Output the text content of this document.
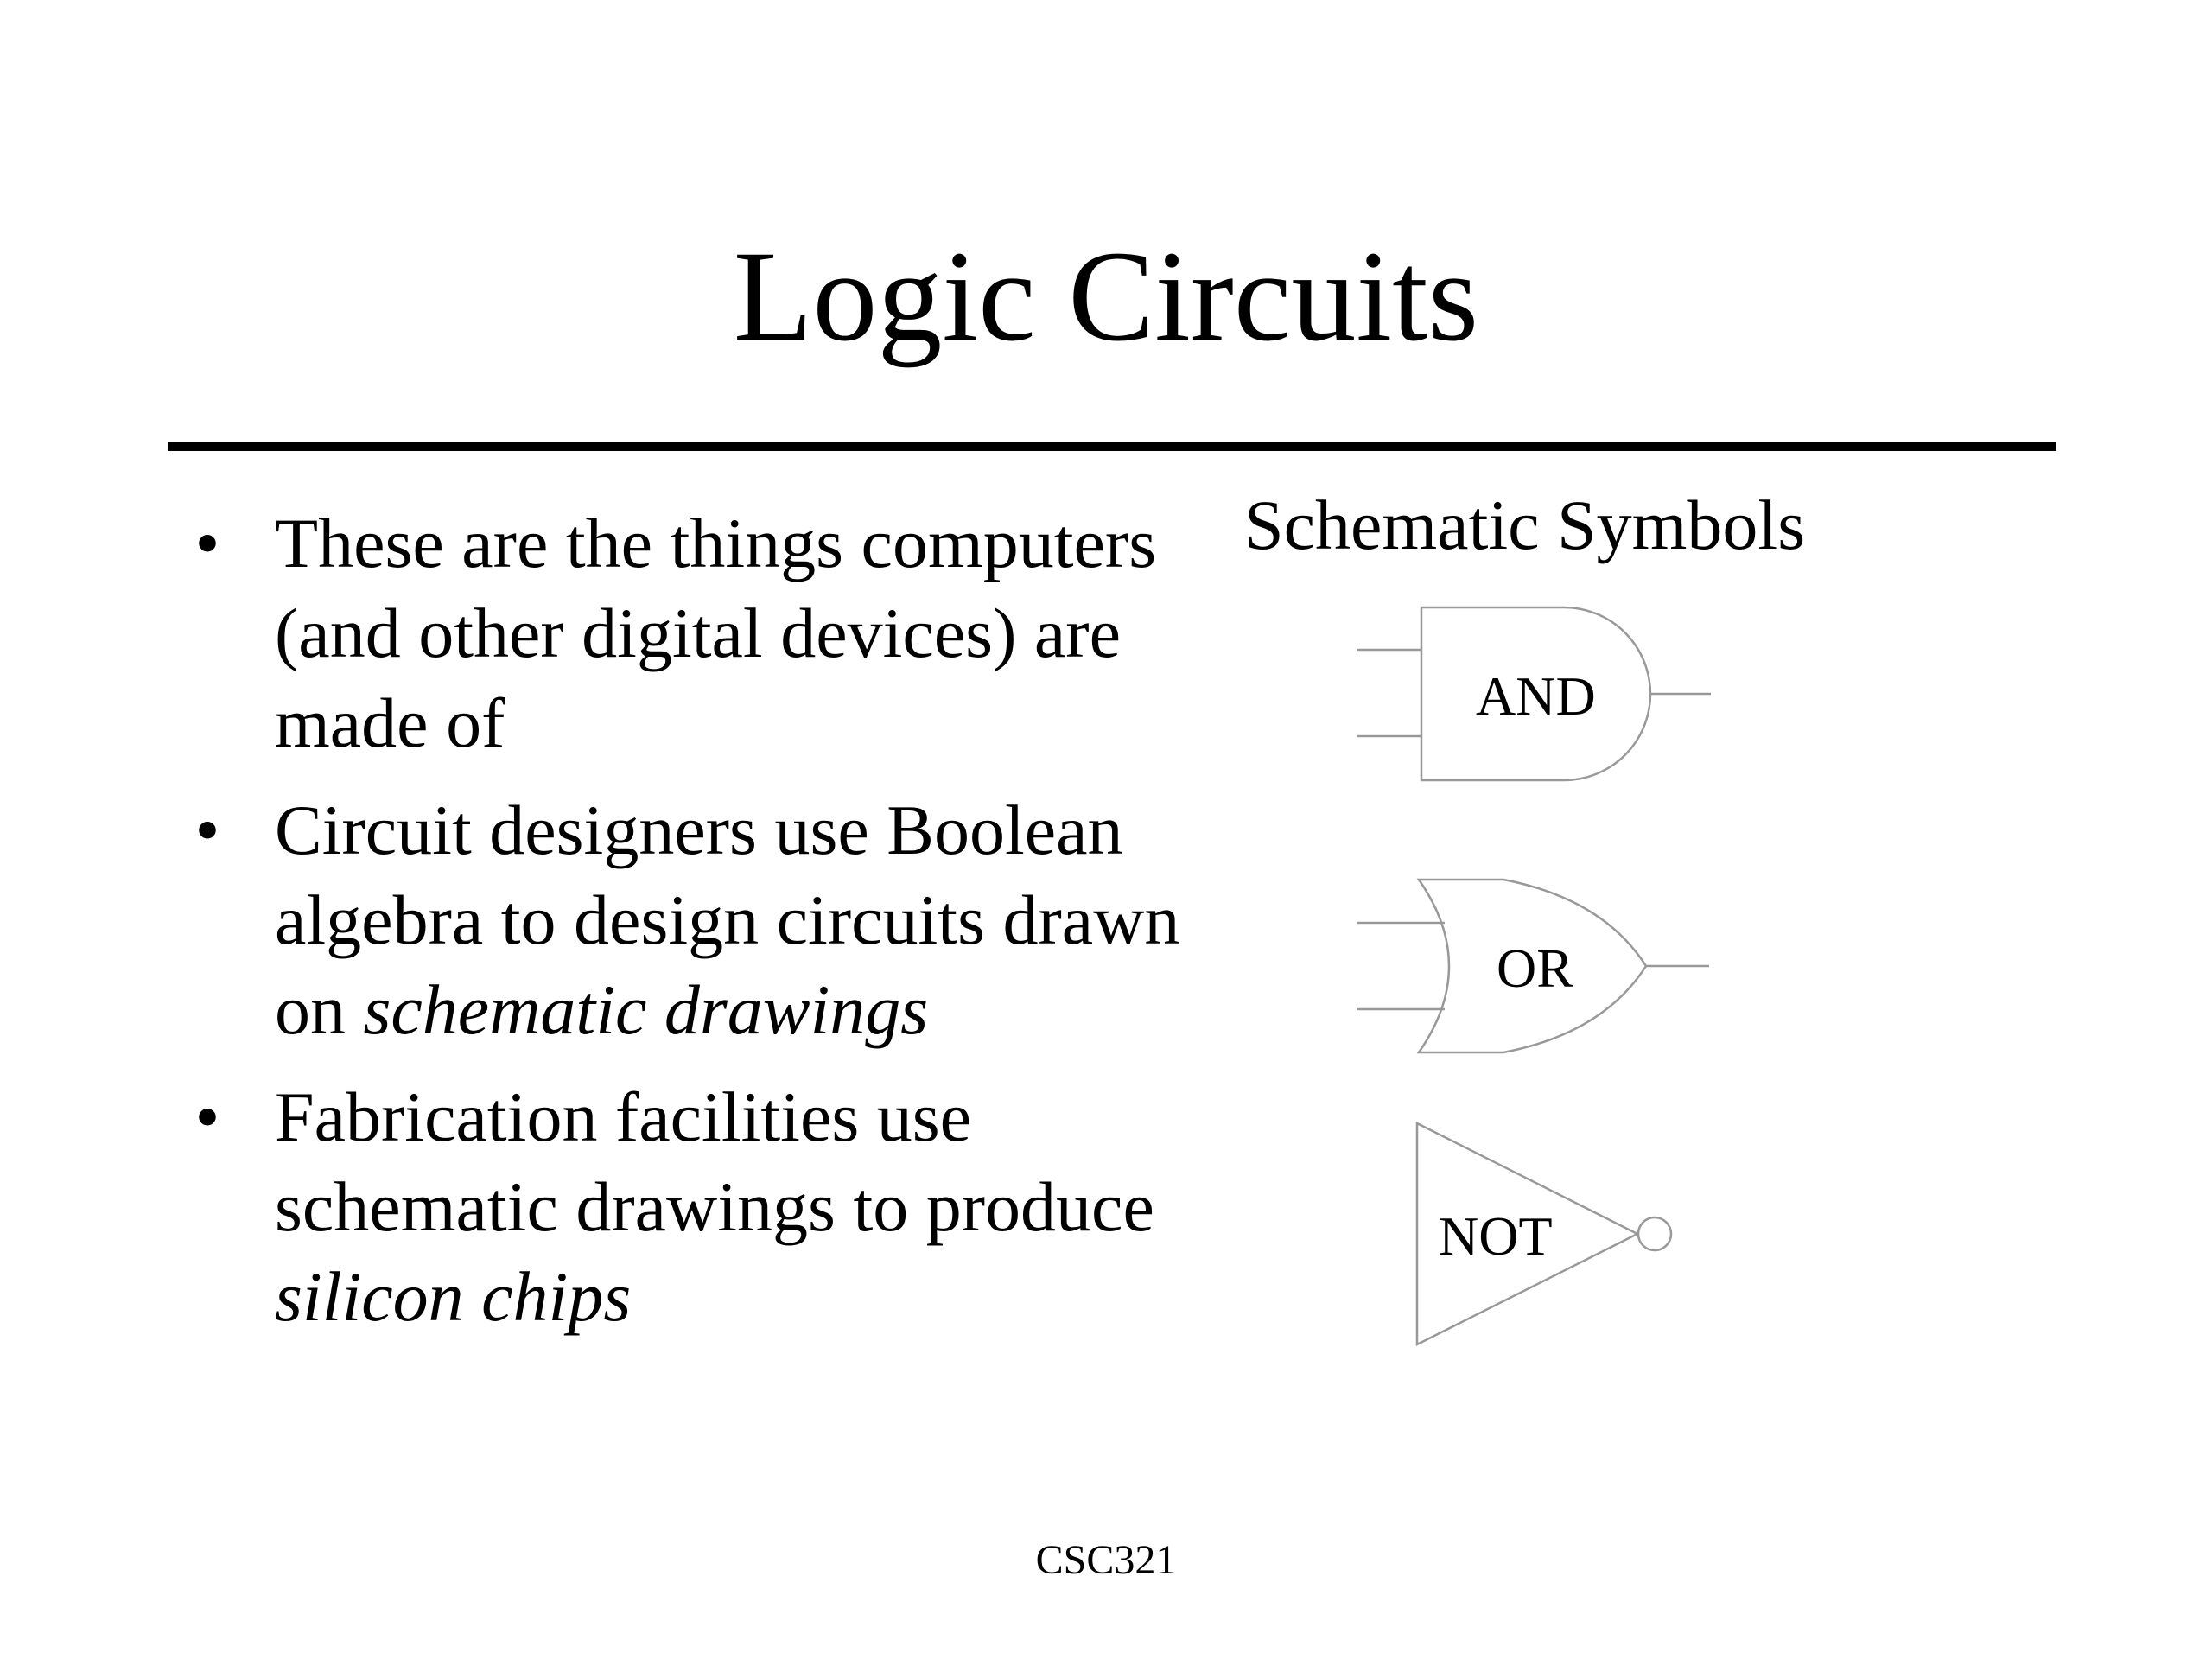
Logic Circuits
• These are the things computers (and other digital devices) are made of
• Circuit designers use Boolean algebra to design circuits drawn on schematic drawings
• Fabrication facilities use schematic drawings to produce silicon chips
Schematic Symbols
AND
OR
NOT
CSC321
